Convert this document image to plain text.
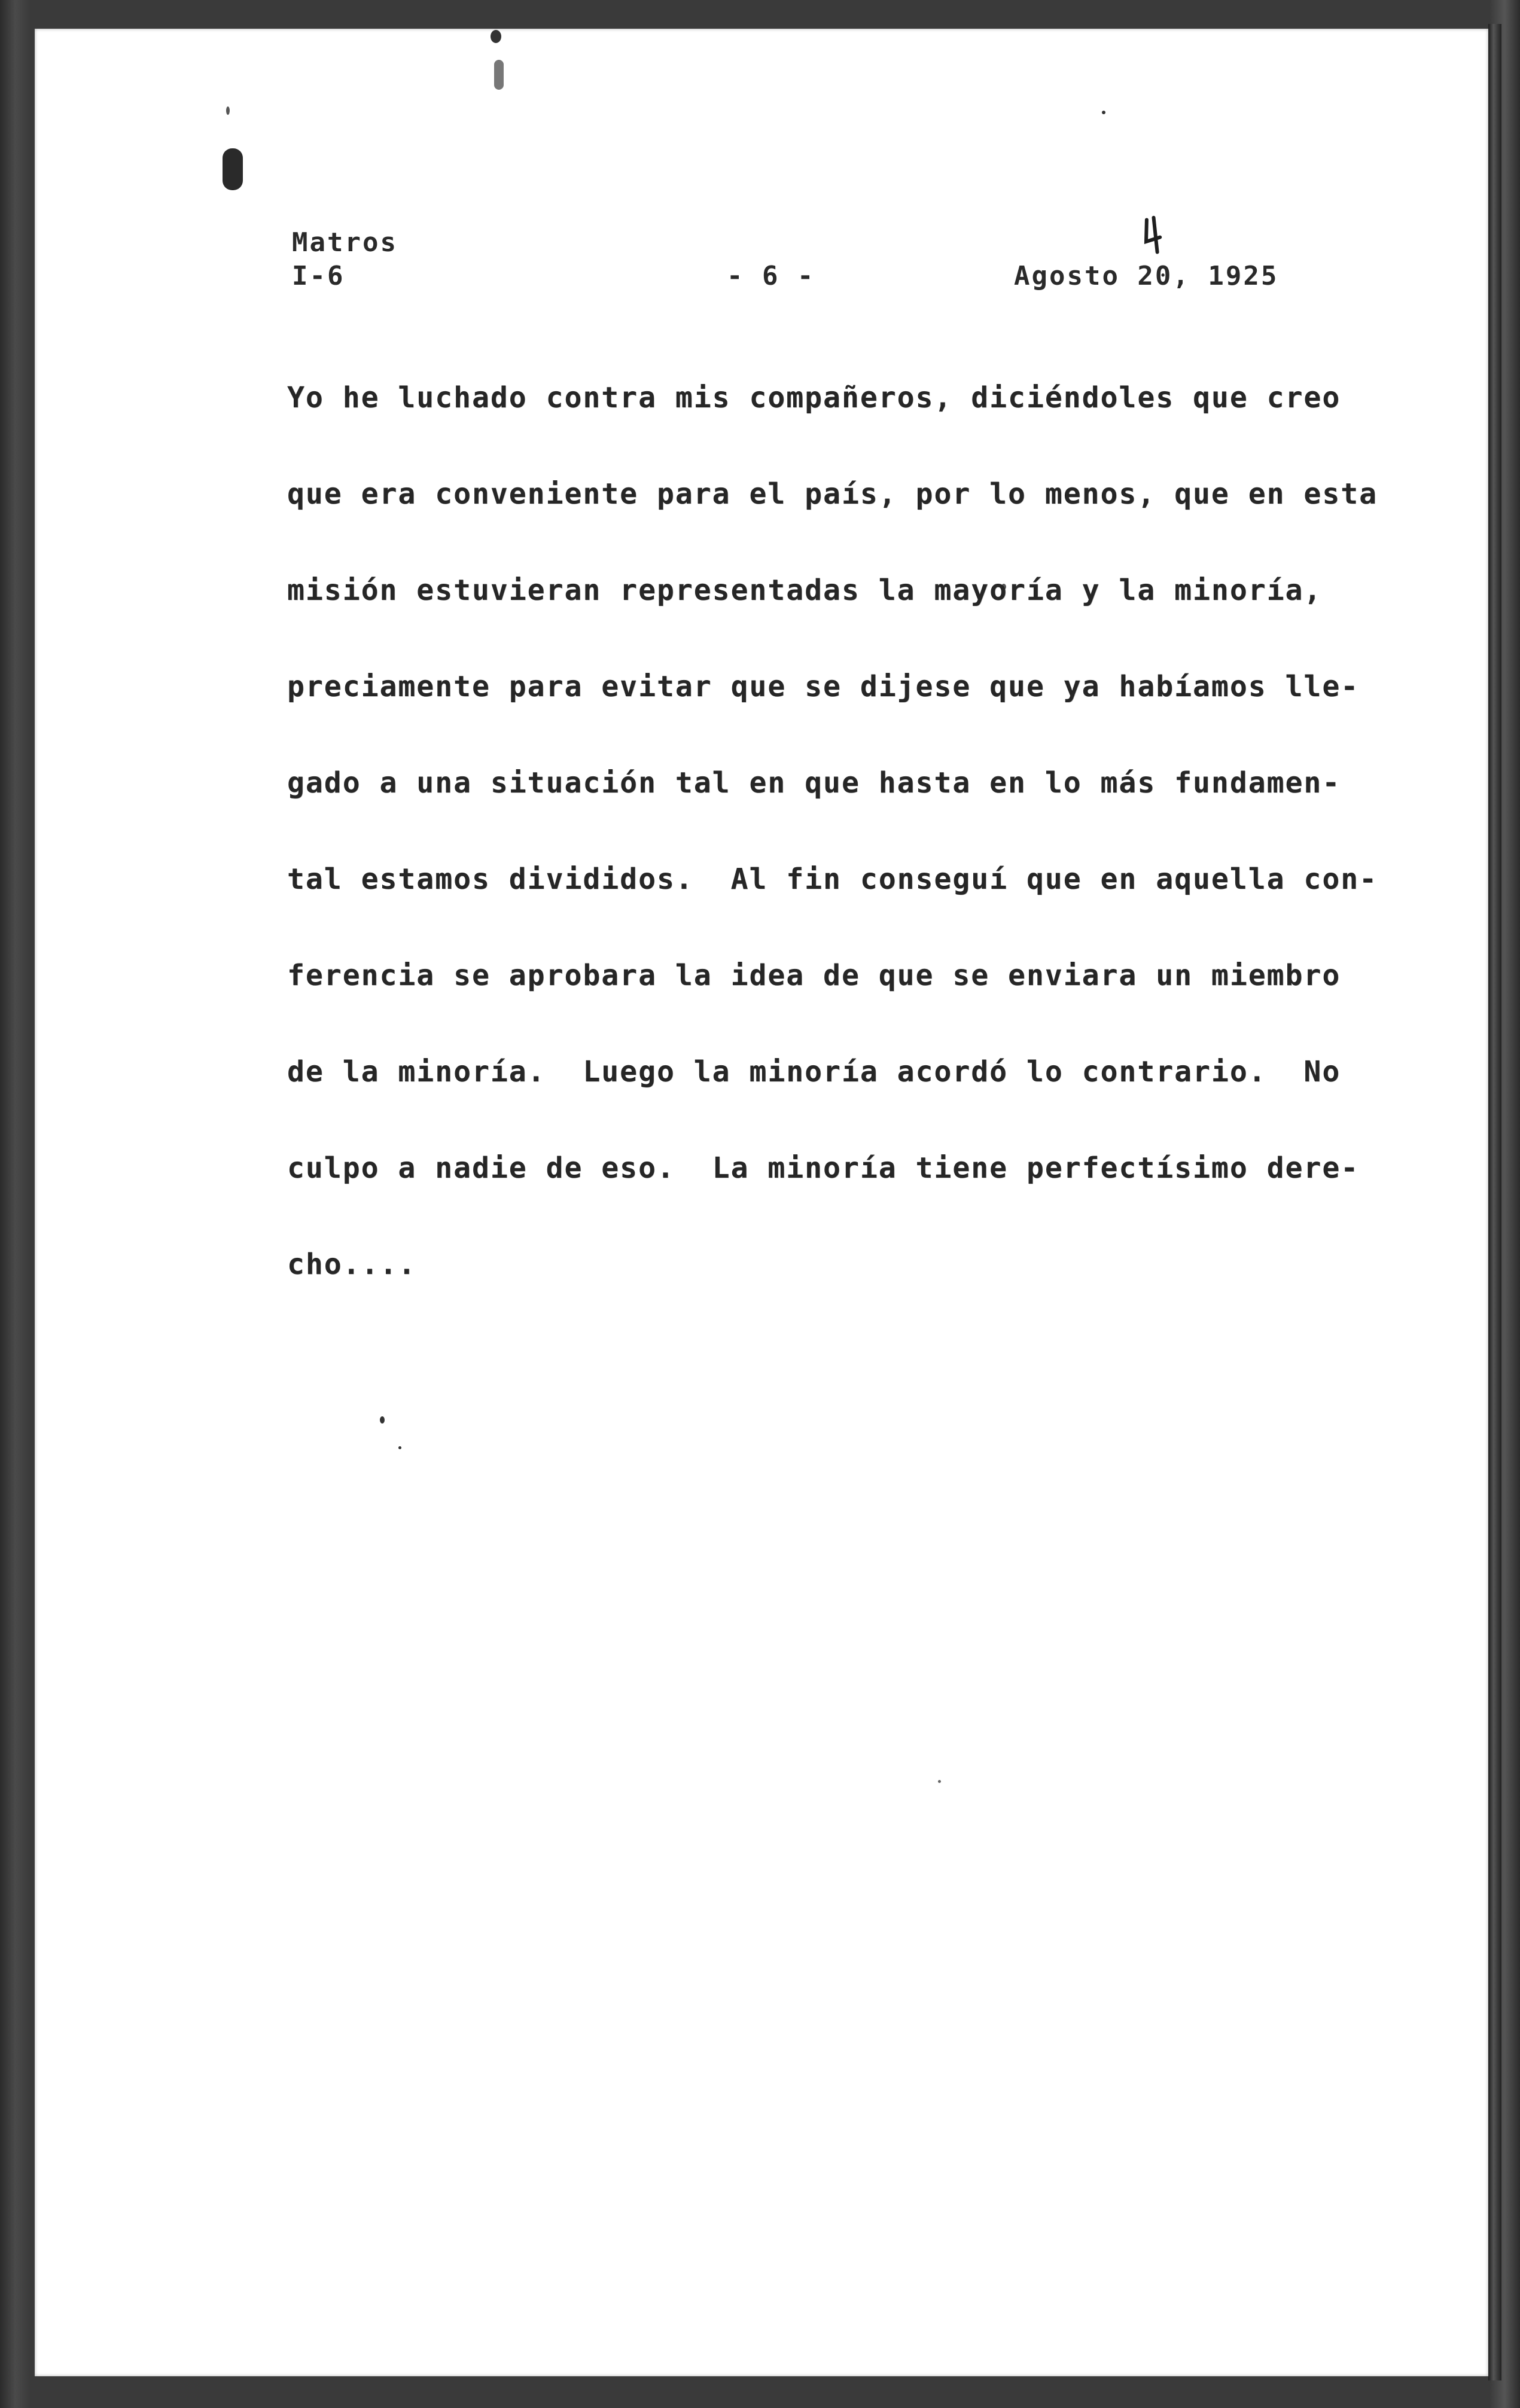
Matros
I-6	- 6 -	Agosto 20, 1925
Yo he luchado contra mis compañeros, diciéndoles que creo
que era conveniente para el país, por lo menos, que en esta
misión estuvieran representadas la mayoría y la minoría,
preciamente para evitar que se dijese que ya habíamos lle-
gado a una situación tal en que hasta en lo más fundamen-
tal estamos divididos.  Al fin conseguí que en aquella con-
ferencia se aprobara la idea de que se enviara un miembro
de la minoría.  Luego la minoría acordó lo contrario.  No
culpo a nadie de eso.  La minoría tiene perfectísimo dere-
cho....
